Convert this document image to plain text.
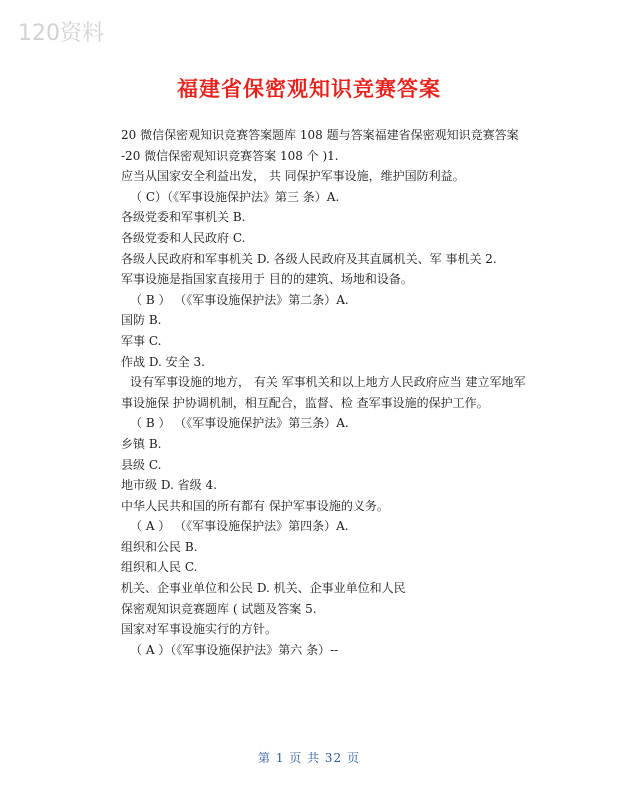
120资料
福建省保密观知识竞赛答案
20 微信保密观知识竞赛答案题库 108 题与答案福建省保密观知识竞赛答案
-20 微信保密观知识竞赛答案 108 个 )1.
应当从国家安全利益出发， 共 同保护军事设施，维护国防利益。
（ C）（《军事设施保护法》第三 条）A.
各级党委和军事机关 B.
各级党委和人民政府 C.
各级人民政府和军事机关 D. 各级人民政府及其直属机关、军 事机关 2.
军事设施是指国家直接用于 目的的建筑、场地和设备。
（ B ） （《军事设施保护法》第二条）A.
国防 B.
军事 C.
作战 D. 安全 3.
设有军事设施的地方， 有关 军事机关和以上地方人民政府应当 建立军地军
事设施保 护协调机制，相互配合，监督、检 查军事设施的保护工作。
（ B ） （《军事设施保护法》第三条）A.
乡镇 B.
县级 C.
地市级 D. 省级 4.
中华人民共和国的所有都有 保护军事设施的义务。
（ A ） （《军事设施保护法》第四条）A.
组织和公民 B.
组织和人民 C.
机关、企事业单位和公民 D. 机关、企事业单位和人民
保密观知识竞赛题库 ( 试题及答案 5.
国家对军事设施实行的方针。
（ A ）（《军事设施保护法》第六 条）--
第 1 页 共 32 页
